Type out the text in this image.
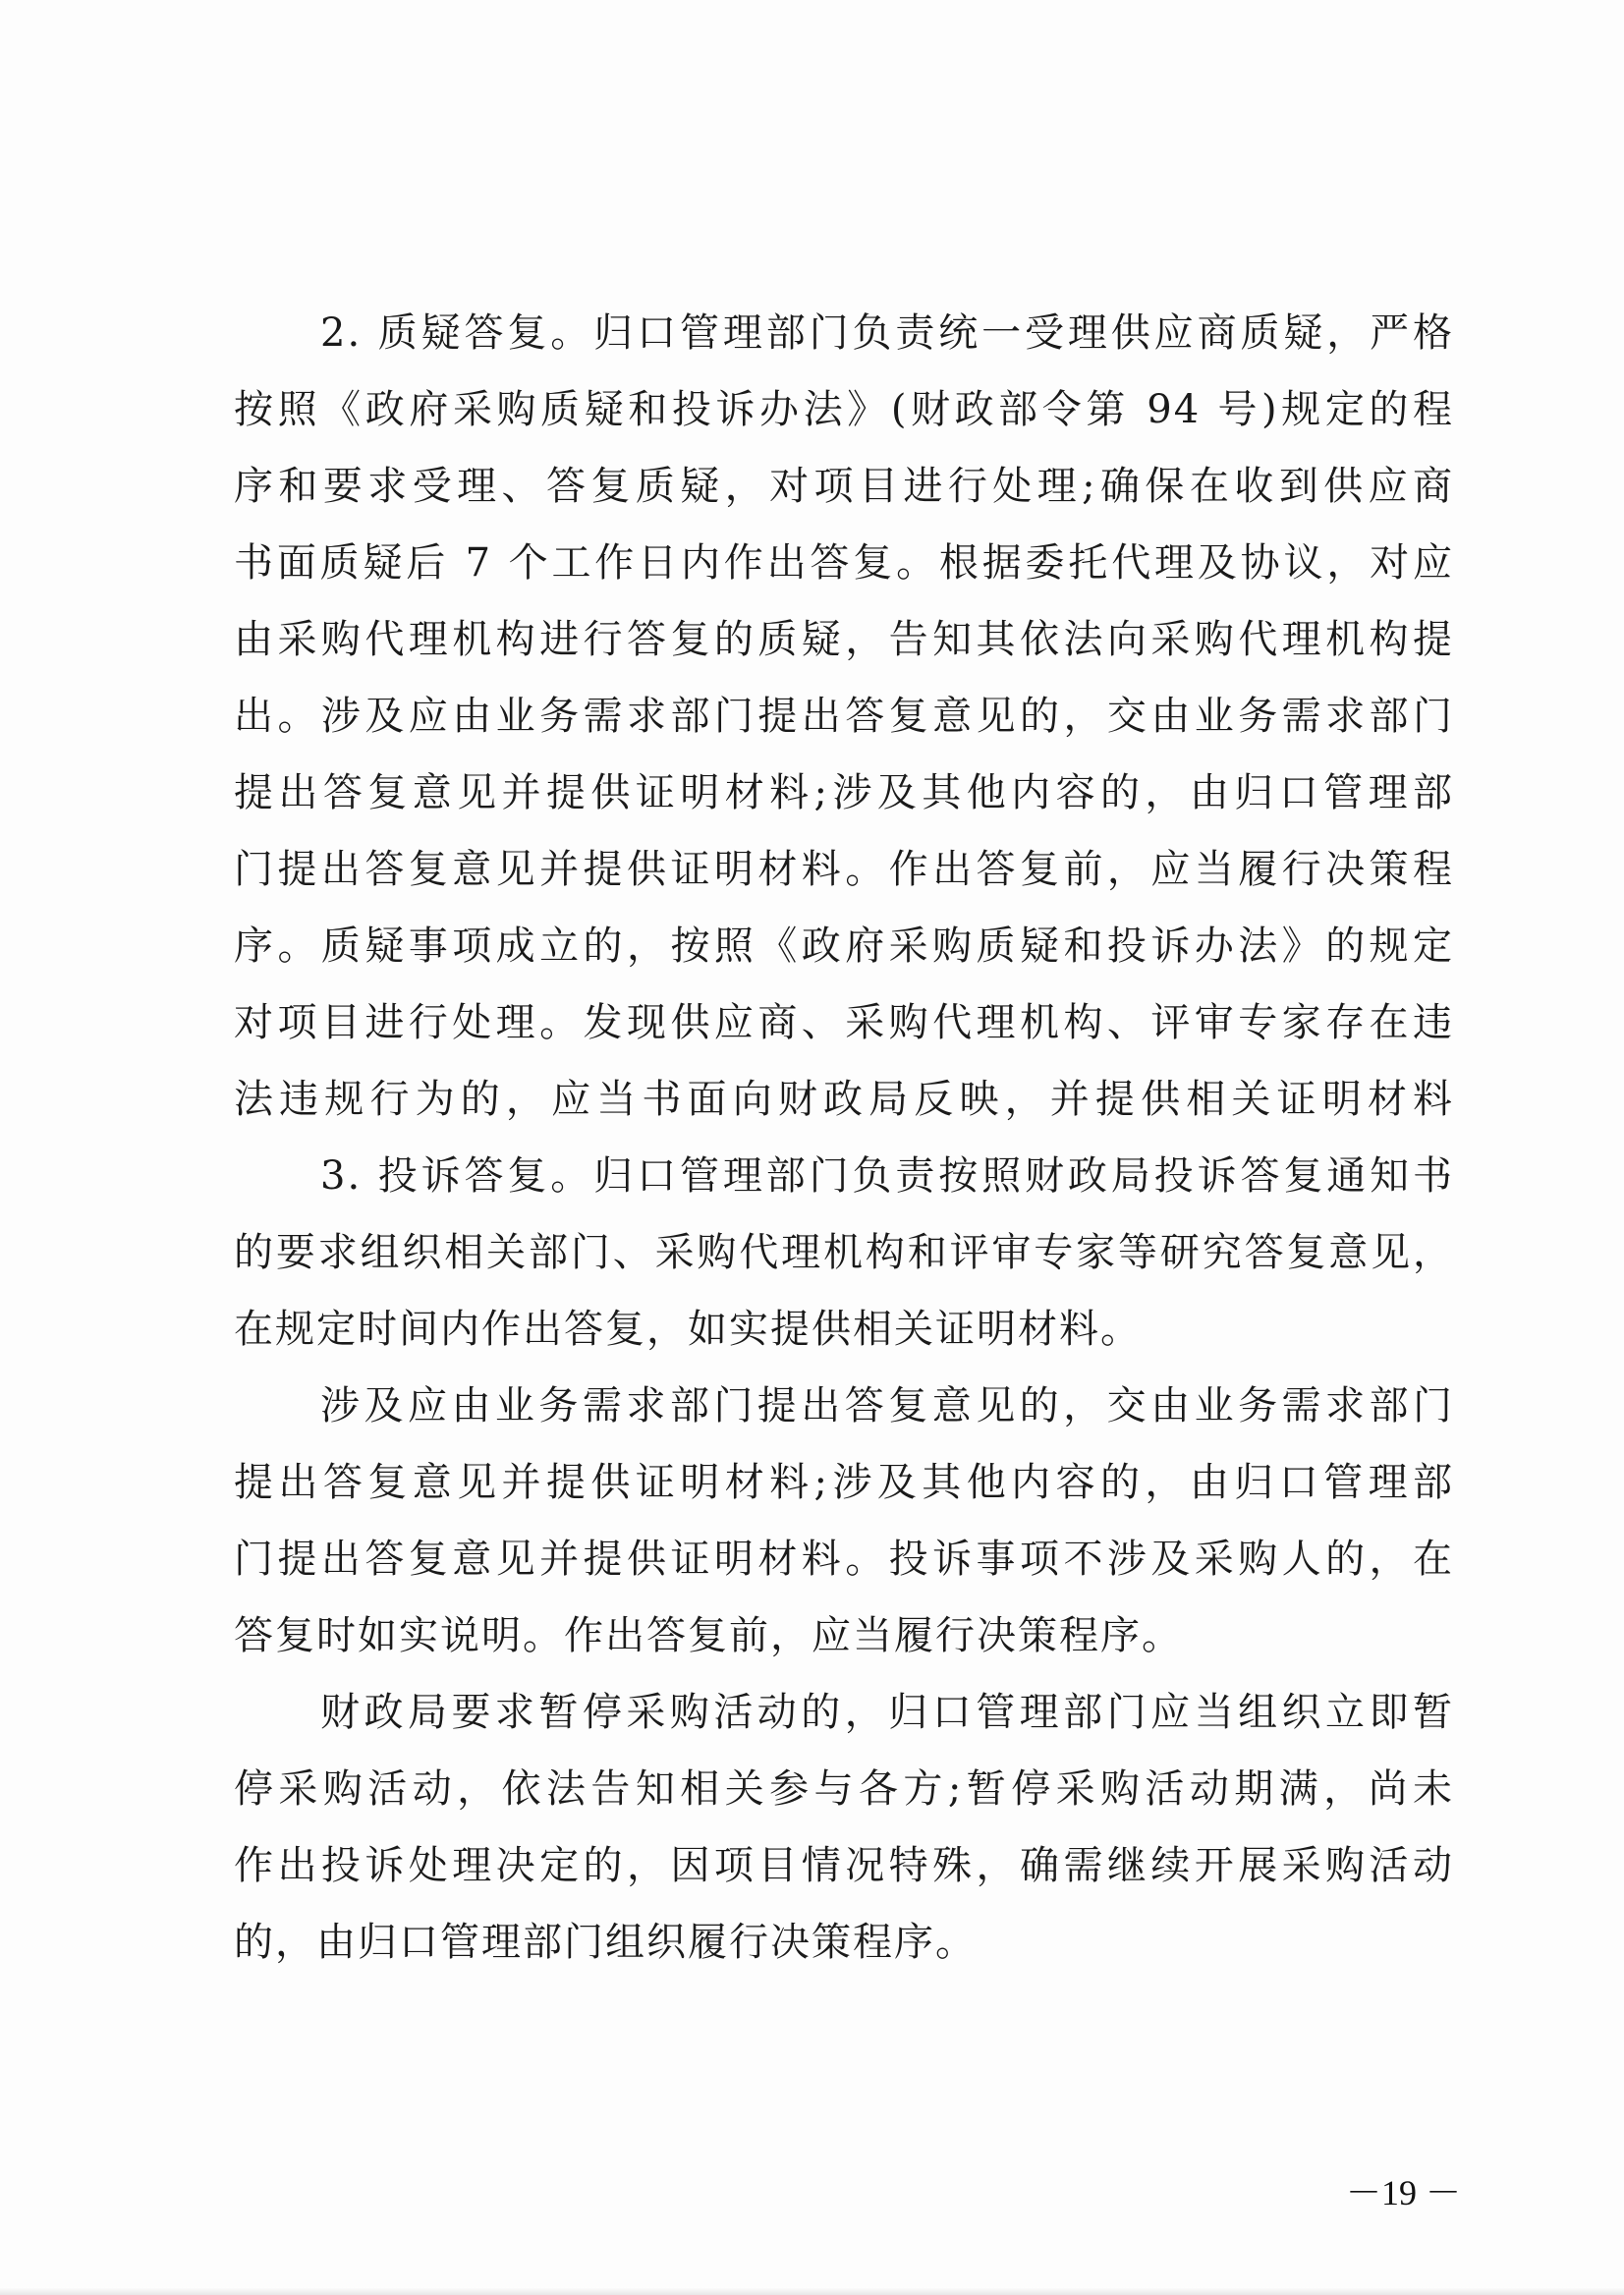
2. 质疑答复。归口管理部门负责统一受理供应商质疑，严格
按照《政府采购质疑和投诉办法》(财政部令第 94 号)规定的程
序和要求受理、答复质疑，对项目进行处理;确保在收到供应商
书面质疑后 7 个工作日内作出答复。根据委托代理及协议，对应
由采购代理机构进行答复的质疑，告知其依法向采购代理机构提
出。涉及应由业务需求部门提出答复意见的，交由业务需求部门
提出答复意见并提供证明材料;涉及其他内容的，由归口管理部
门提出答复意见并提供证明材料。作出答复前，应当履行决策程
序。质疑事项成立的，按照《政府采购质疑和投诉办法》的规定
对项目进行处理。发现供应商、采购代理机构、评审专家存在违
法违规行为的，应当书面向财政局反映，并提供相关证明材料
3. 投诉答复。归口管理部门负责按照财政局投诉答复通知书
的要求组织相关部门、采购代理机构和评审专家等研究答复意见，
在规定时间内作出答复，如实提供相关证明材料。
涉及应由业务需求部门提出答复意见的，交由业务需求部门
提出答复意见并提供证明材料;涉及其他内容的，由归口管理部
门提出答复意见并提供证明材料。投诉事项不涉及采购人的，在
答复时如实说明。作出答复前，应当履行决策程序。
财政局要求暂停采购活动的，归口管理部门应当组织立即暂
停采购活动，依法告知相关参与各方;暂停采购活动期满，尚未
作出投诉处理决定的，因项目情况特殊，确需继续开展采购活动
的，由归口管理部门组织履行决策程序。
－19 －
